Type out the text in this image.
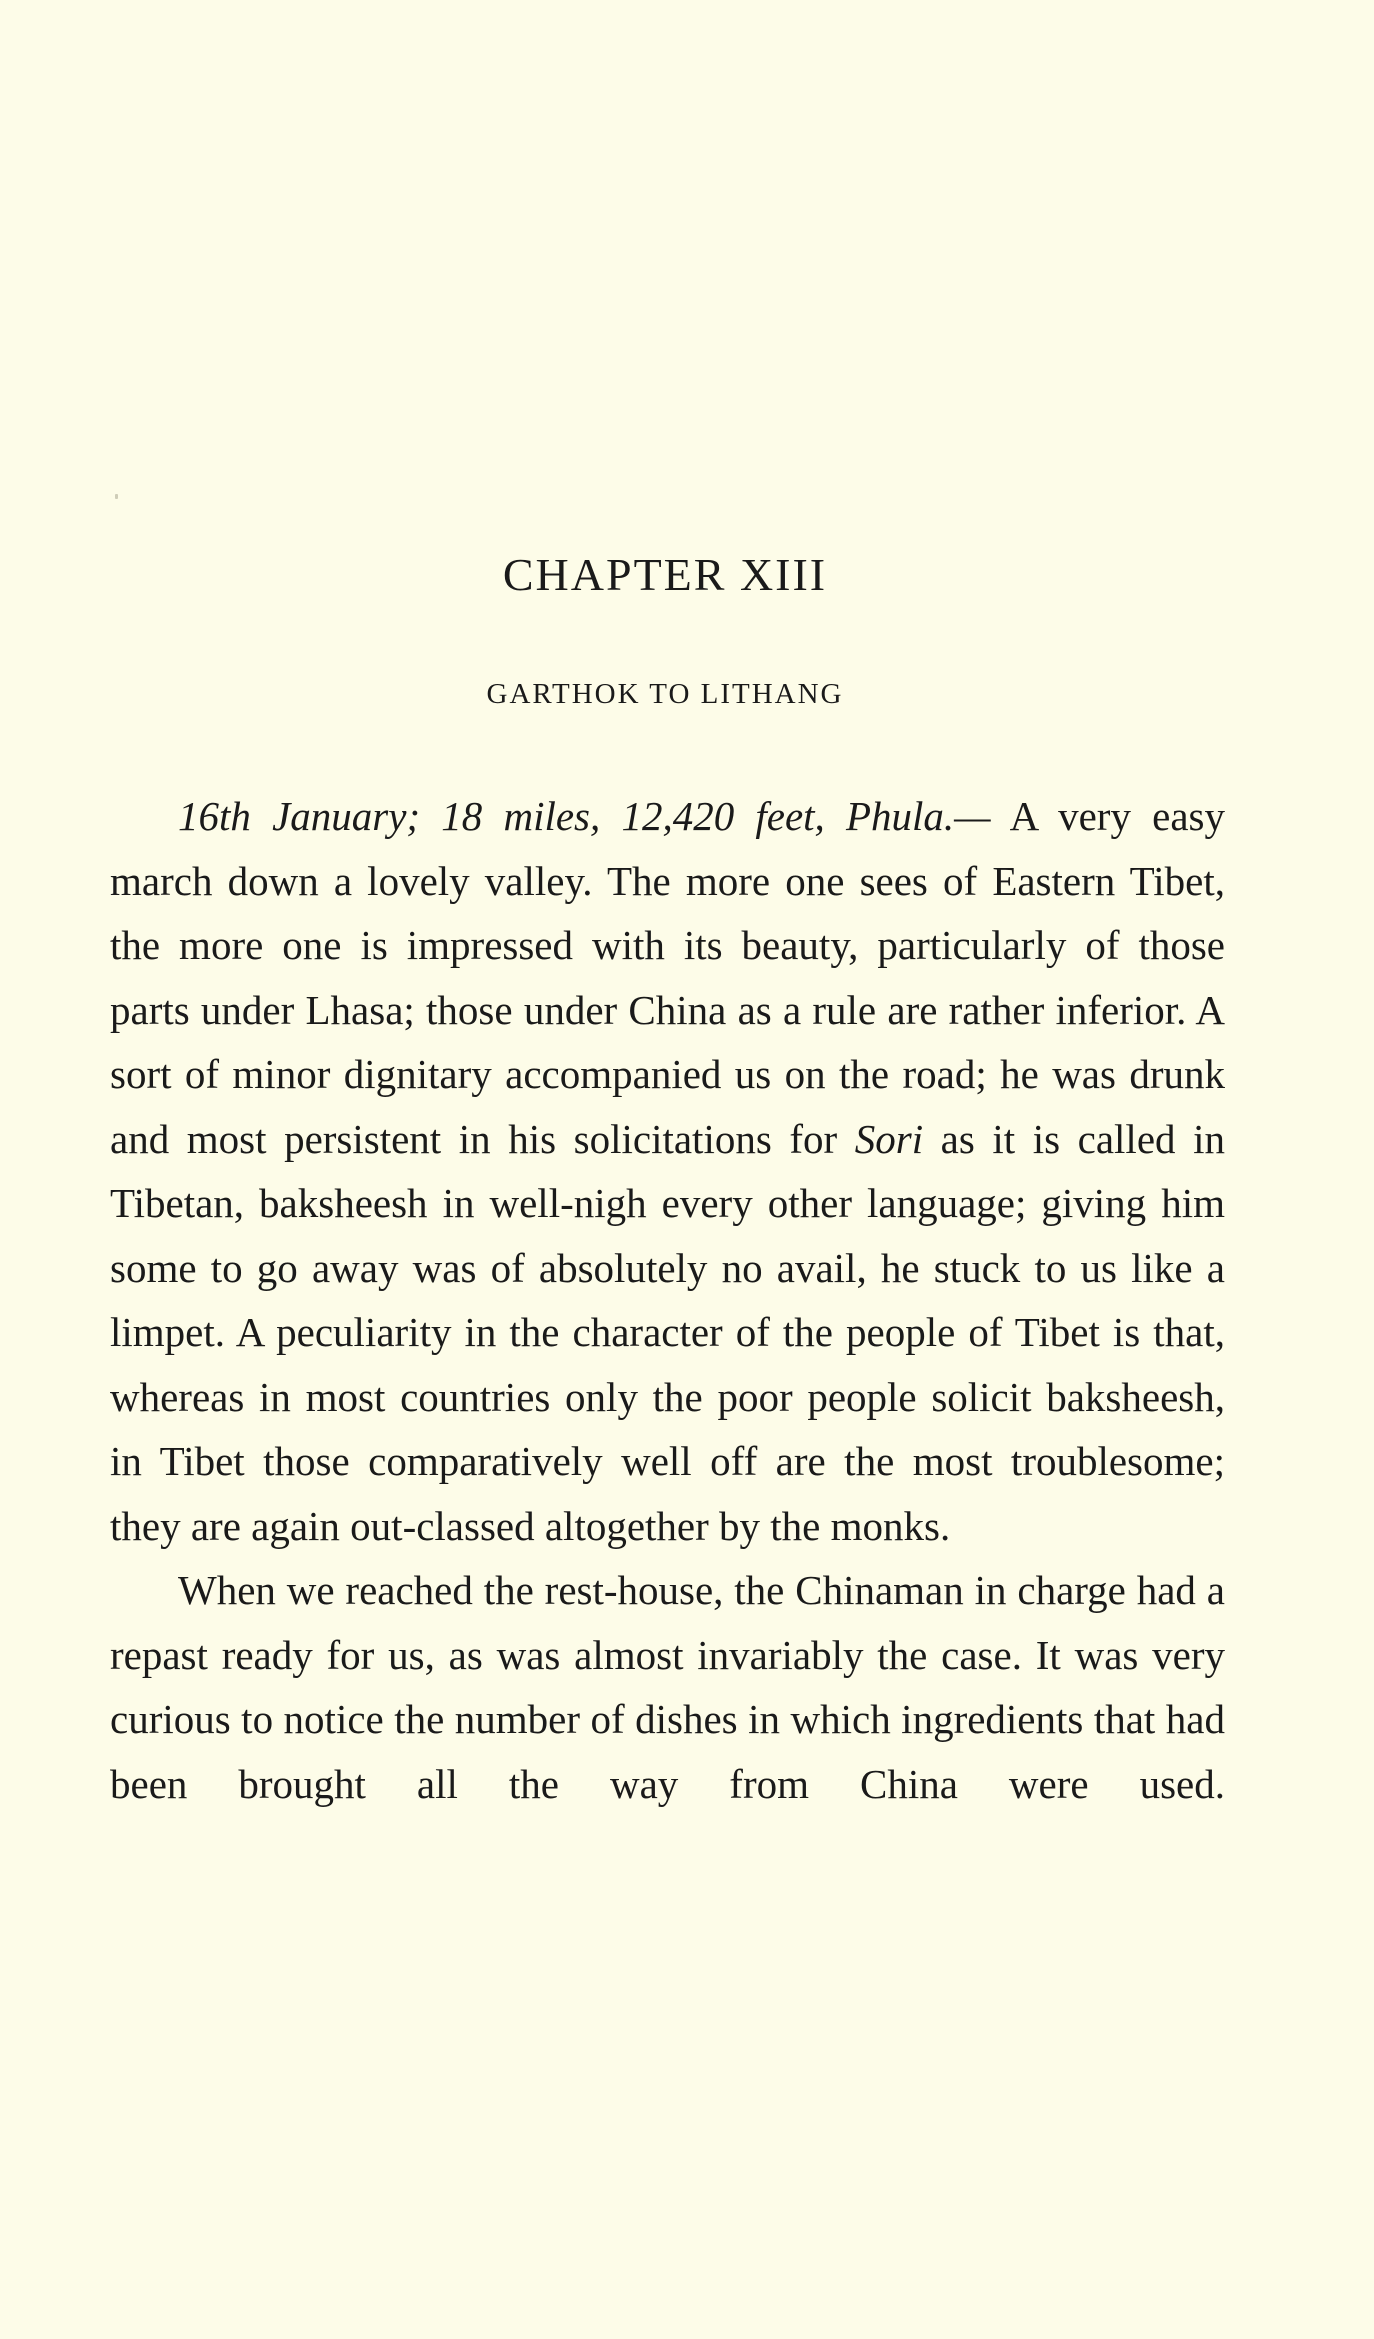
CHAPTER XIII
GARTHOK TO LITHANG

16th January; 18 miles, 12,420 feet, Phula.— A very easy march down a lovely valley. The more one sees of Eastern Tibet, the more one is impressed with its beauty, particularly of those parts under Lhasa; those under China as a rule are rather inferior. A sort of minor dignitary accompanied us on the road; he was drunk and most persistent in his solicitations for Sori as it is called in Tibetan, baksheesh in well-nigh every other language; giving him some to go away was of absolutely no avail, he stuck to us like a limpet. A peculiarity in the character of the people of Tibet is that, whereas in most countries only the poor people solicit baksheesh, in Tibet those comparatively well off are the most troublesome; they are again out-classed altogether by the monks.

When we reached the rest-house, the Chinaman in charge had a repast ready for us, as was almost invariably the case. It was very curious to notice the number of dishes in which ingredients that had been brought all the way from China were used.
